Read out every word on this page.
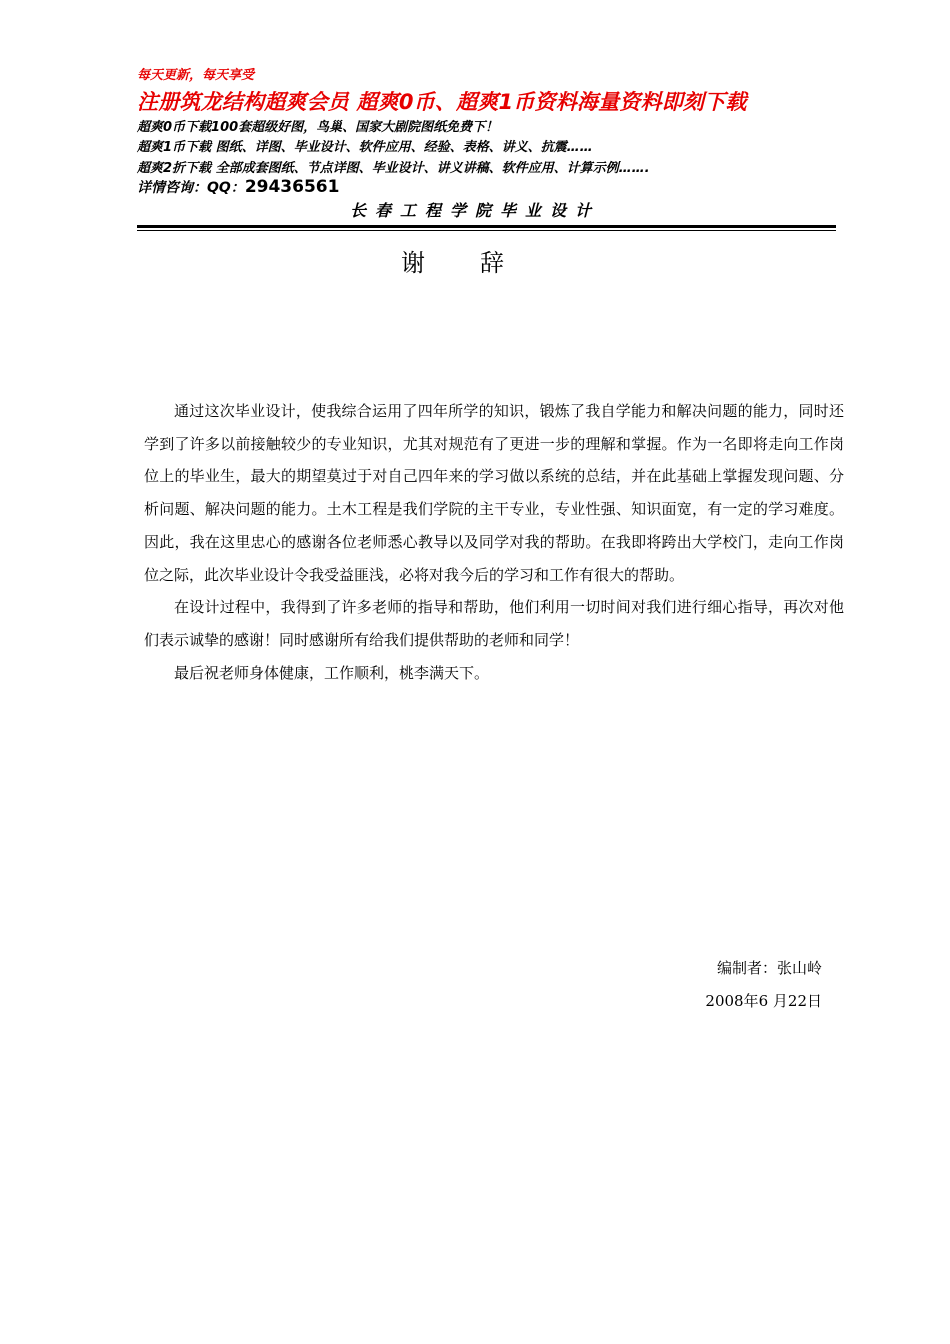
每天更新，每天享受
注册筑龙结构超爽会员 超爽0币、超爽1币资料海量资料即刻下载
超爽0币下载100套超级好图，鸟巢、国家大剧院图纸免费下！
超爽1币下载 图纸、详图、毕业设计、软件应用、经验、表格、讲义、抗震……
超爽2折下载 全部成套图纸、节点详图、毕业设计、讲义讲稿、软件应用、计算示例…….
详情咨询：QQ：29436561
长春工程学院毕业设计
谢辞

通过这次毕业设计，使我综合运用了四年所学的知识，锻炼了我自学能力和解决问题的能力，同时还学到了许多以前接触较少的专业知识，尤其对规范有了更进一步的理解和掌握。作为一名即将走向工作岗位上的毕业生，最大的期望莫过于对自己四年来的学习做以系统的总结，并在此基础上掌握发现问题、分析问题、解决问题的能力。土木工程是我们学院的主干专业，专业性强、知识面宽，有一定的学习难度。因此，我在这里忠心的感谢各位老师悉心教导以及同学对我的帮助。在我即将跨出大学校门，走向工作岗位之际，此次毕业设计令我受益匪浅，必将对我今后的学习和工作有很大的帮助。

在设计过程中，我得到了许多老师的指导和帮助，他们利用一切时间对我们进行细心指导，再次对他们表示诚挚的感谢！同时感谢所有给我们提供帮助的老师和同学！

最后祝老师身体健康，工作顺利，桃李满天下。

编制者：张山岭
2008年6 月22日
